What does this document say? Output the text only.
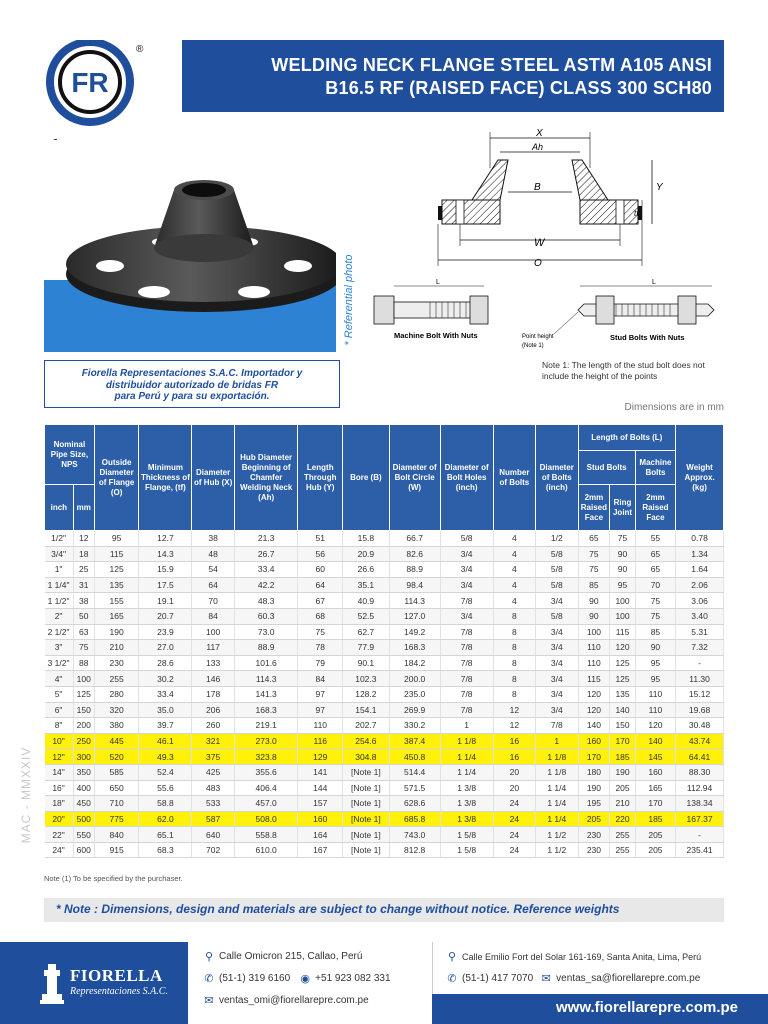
FR
®
WELDING NECK FLANGE STEEL ASTM A105 ANSI
B16.5 RF (RAISED FACE) CLASS 300 SCH80
* Referential photo
Fiorella Representaciones S.A.C. Importador y
distribuidor autorizado de bridas FR
para Perú y para su exportación.
X
Ah
B	Y
tf
W
O
L
Machine Bolt With Nuts
L
Point height
(Note 1)
Stud Bolts With Nuts
Note 1: The length of the stud bolt does not
include the height of the points
Dimensions are in mm
Nominal Pipe Size, NPS		Outside Diameter of Flange (O)	Minimum Thickness of Flange, (tf)	Diameter of Hub (X)	Hub Diameter Beginning of Chamfer Welding Neck (Ah)	Length Through Hub (Y)	Bore (B)	Diameter of Bolt Circle (W)	Diameter of Bolt Holes (inch)	Number of Bolts	Diameter of Bolts (inch)	Length of Bolts (L)			Weight Approx. (kg)
												Stud Bolts		Machine Bolts	
inch	mm											2mm Raised Face	Ring Joint	2mm Raised Face	
1/2"	12	95	12.7	38	21.3	51	15.8	66.7	5/8	4	1/2	65	75	55	0.78
3/4"	18	115	14.3	48	26.7	56	20.9	82.6	3/4	4	5/8	75	90	65	1.34
1"	25	125	15.9	54	33.4	60	26.6	88.9	3/4	4	5/8	75	90	65	1.64
1 1/4"	31	135	17.5	64	42.2	64	35.1	98.4	3/4	4	5/8	85	95	70	2.06
1 1/2"	38	155	19.1	70	48.3	67	40.9	114.3	7/8	4	3/4	90	100	75	3.06
2"	50	165	20.7	84	60.3	68	52.5	127.0	3/4	8	5/8	90	100	75	3.40
2 1/2"	63	190	23.9	100	73.0	75	62.7	149.2	7/8	8	3/4	100	115	85	5.31
3"	75	210	27.0	117	88.9	78	77.9	168.3	7/8	8	3/4	110	120	90	7.32
3 1/2"	88	230	28.6	133	101.6	79	90.1	184.2	7/8	8	3/4	110	125	95	-
4"	100	255	30.2	146	114.3	84	102.3	200.0	7/8	8	3/4	115	125	95	11.30
5"	125	280	33.4	178	141.3	97	128.2	235.0	7/8	8	3/4	120	135	110	15.12
6"	150	320	35.0	206	168.3	97	154.1	269.9	7/8	12	3/4	120	140	110	19.68
8"	200	380	39.7	260	219.1	110	202.7	330.2	1	12	7/8	140	150	120	30.48
10"	250	445	46.1	321	273.0	116	254.6	387.4	1 1/8	16	1	160	170	140	43.74
12"	300	520	49.3	375	323.8	129	304.8	450.8	1 1/4	16	1 1/8	170	185	145	64.41
14"	350	585	52.4	425	355.6	141	[Note 1]	514.4	1 1/4	20	1 1/8	180	190	160	88.30
16"	400	650	55.6	483	406.4	144	[Note 1]	571.5	1 3/8	20	1 1/4	190	205	165	112.94
18"	450	710	58.8	533	457.0	157	[Note 1]	628.6	1 3/8	24	1 1/4	195	210	170	138.34
20"	500	775	62.0	587	508.0	160	[Note 1]	685.8	1 3/8	24	1 1/4	205	220	185	167.37
22"	550	840	65.1	640	558.8	164	[Note 1]	743.0	1 5/8	24	1 1/2	230	255	205	-
24"	600	915	68.3	702	610.0	167	[Note 1]	812.8	1 5/8	24	1 1/2	230	255	205	235.41
MAC - MMXXIV
Note (1) To be specified by the purchaser.
* Note : Dimensions, design and materials are subject to change without notice. Reference weights
FIORELLA
Representaciones S.A.C.
⚲ Calle Omicron 215, Callao, Perú
✆ (51-1) 319 6160 ◉ +51 923 082 331
✉ ventas_omi@fiorellarepre.com.pe
⚲ Calle Emilio Fort del Solar 161-169, Santa Anita, Lima, Perú
✆ (51-1) 417 7070 ✉ ventas_sa@fiorellarepre.com.pe
www.fiorellarepre.com.pe
